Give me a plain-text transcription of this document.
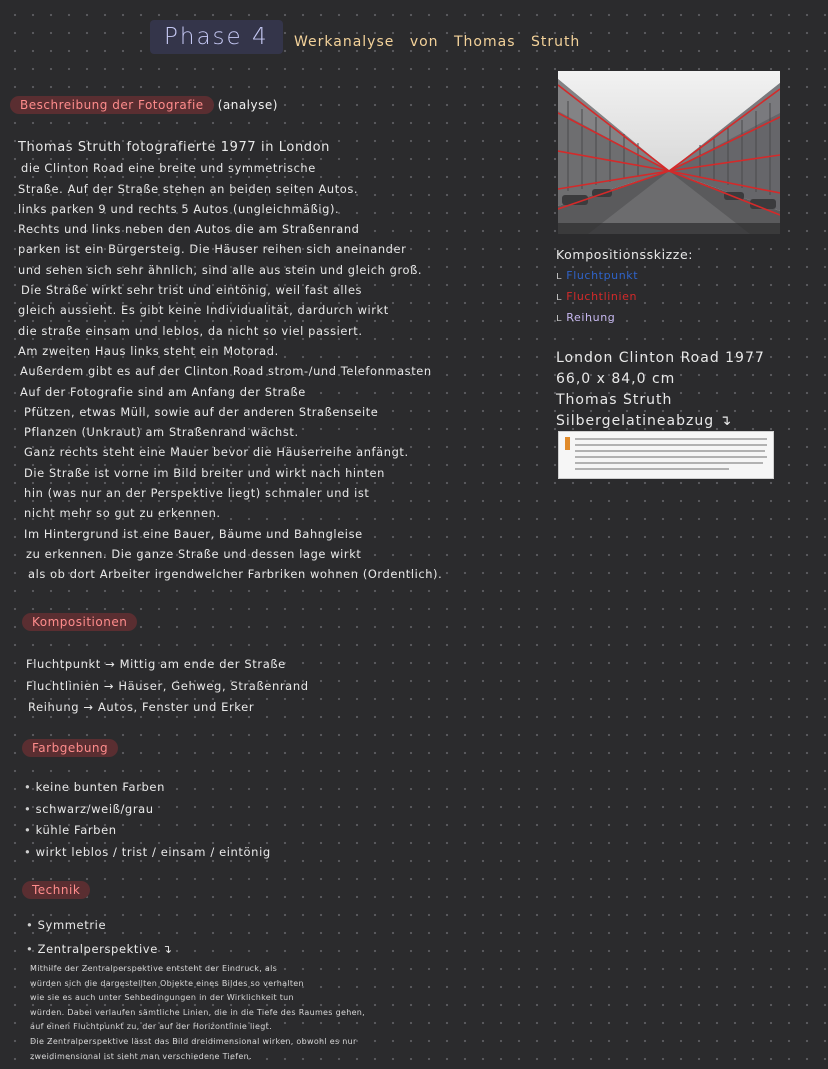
Phase 4	Werkanalyse von Thomas Struth
Beschreibung der Fotografie (analyse)
Thomas Struth fotografierte 1977 in London
die Clinton Road eine breite und symmetrische
Straße. Auf der Straße stehen an beiden seiten Autos.
links parken 9 und rechts 5 Autos (ungleichmäßig).
Rechts und links neben den Autos die am Straßenrand
parken ist ein Bürgersteig. Die Häuser reihen sich aneinander
und sehen sich sehr ähnlich, sind alle aus stein und gleich groß.
Die Straße wirkt sehr trist und eintönig, weil fast alles
gleich aussieht. Es gibt keine Individualität, dardurch wirkt
die straße einsam und leblos, da nicht so viel passiert.
Am zweiten Haus links steht ein Motorad.
Außerdem gibt es auf der Clinton Road strom-/und Telefonmasten
Auf der Fotografie sind am Anfang der Straße
Pfützen, etwas Müll, sowie auf der anderen Straßenseite
Pflanzen (Unkraut) am Straßenrand wächst.
Ganz rechts steht eine Mauer bevor die Häuserreihe anfängt.
Die Straße ist vorne im Bild breiter und wirkt nach hinten
hin (was nur an der Perspektive liegt) schmaler und ist
nicht mehr so gut zu erkennen.
Im Hintergrund ist eine Bauer, Bäume und Bahngleise
zu erkennen. Die ganze Straße und dessen lage wirkt
als ob dort Arbeiter irgendwelcher Farbriken wohnen (Ordentlich).
Kompositionen
Fluchtpunkt → Mittig am ende der Straße
Fluchtlinien → Häuser, Gehweg, Straßenrand
Reihung → Autos, Fenster und Erker
Farbgebung
• keine bunten Farben
• schwarz/weiß/grau
• kühle Farben
• wirkt leblos / trist / einsam / eintönig
Technik
• Symmetrie
• Zentralperspektive ↴
Mithilfe der Zentralperspektive entsteht der Eindruck, als
würden sich die dargestellten Objekte eines Bildes so verhalten
wie sie es auch unter Sehbedingungen in der Wirklichkeit tun
würden. Dabei verlaufen sämtliche Linien, die in die Tiefe des Raumes gehen,
auf einen Fluchtpunkt zu, der auf der Horizontlinie liegt.
Die Zentralperspektive lässt das Bild dreidimensional wirken, obwohl es nur
zweidimensional ist sieht man verschiedene Tiefen.
Kompositionsskizze:
ʟ Fluchtpunkt
ʟ Fluchtlinien
ʟ Reihung
London Clinton Road 1977
66,0 x 84,0 cm
Thomas Struth
Silbergelatineabzug ↴
